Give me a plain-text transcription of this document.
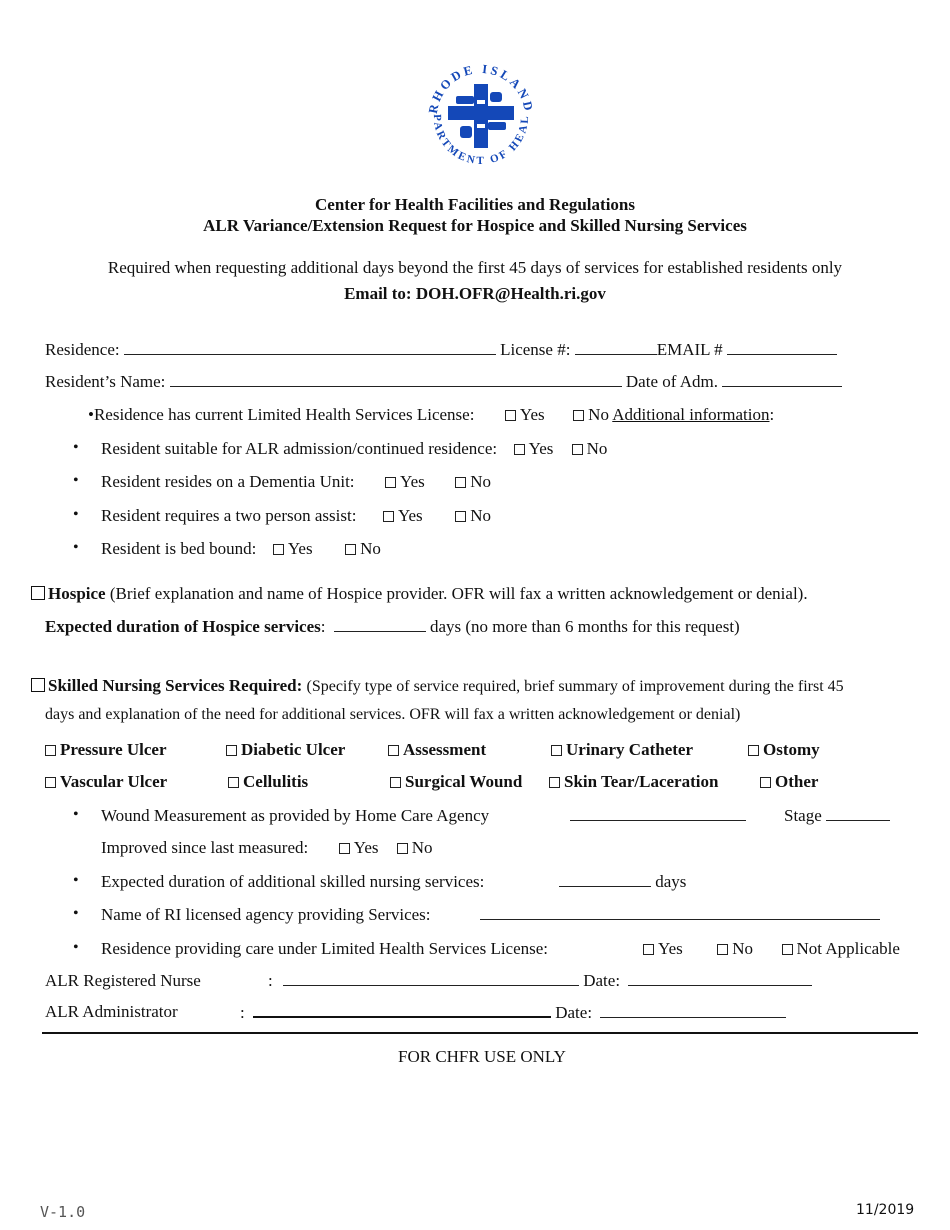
RHODE ISLAND
PARTMENT OF HEAL
Center for Health Facilities and Regulations
ALR Variance/Extension Request for Hospice and Skilled Nursing Services
Required when requesting additional days beyond the first 45 days of services for established residents only
Email to: DOH.OFR@Health.ri.gov
Residence:	License #:	EMAIL #
Resident’s Name:	Date of Adm.
•Residence has current Limited Health Services License:	Yes	No Additional information:
• Resident suitable for ALR admission/continued residence: Yes No
• Resident resides on a Dementia Unit:	Yes	No
• Resident requires a two person assist: Yes	No
• Resident is bed bound: Yes	No
Hospice (Brief explanation and name of Hospice provider. OFR will fax a written acknowledgement or denial).
Expected duration of Hospice services:	days (no more than 6 months for this request)
Skilled Nursing Services Required: (Specify type of service required, brief summary of improvement during the first 45
days and explanation of the need for additional services. OFR will fax a written acknowledgement or denial)
Pressure Ulcer	Diabetic Ulcer	Assessment	Urinary Catheter	Ostomy
Vascular Ulcer	Cellulitis	Surgical Wound	Skin Tear/Laceration	Other
• Wound Measurement as provided by Home Care Agency	Stage
Improved since last measured:	Yes No
• Expected duration of additional skilled nursing services:	days
• Name of RI licensed agency providing Services:
• Residence providing care under Limited Health Services License:	Yes	No	Not Applicable
ALR Registered Nurse	:	Date:
ALR Administrator	:	Date:
FOR CHFR USE ONLY
V-1.0	11/2019
